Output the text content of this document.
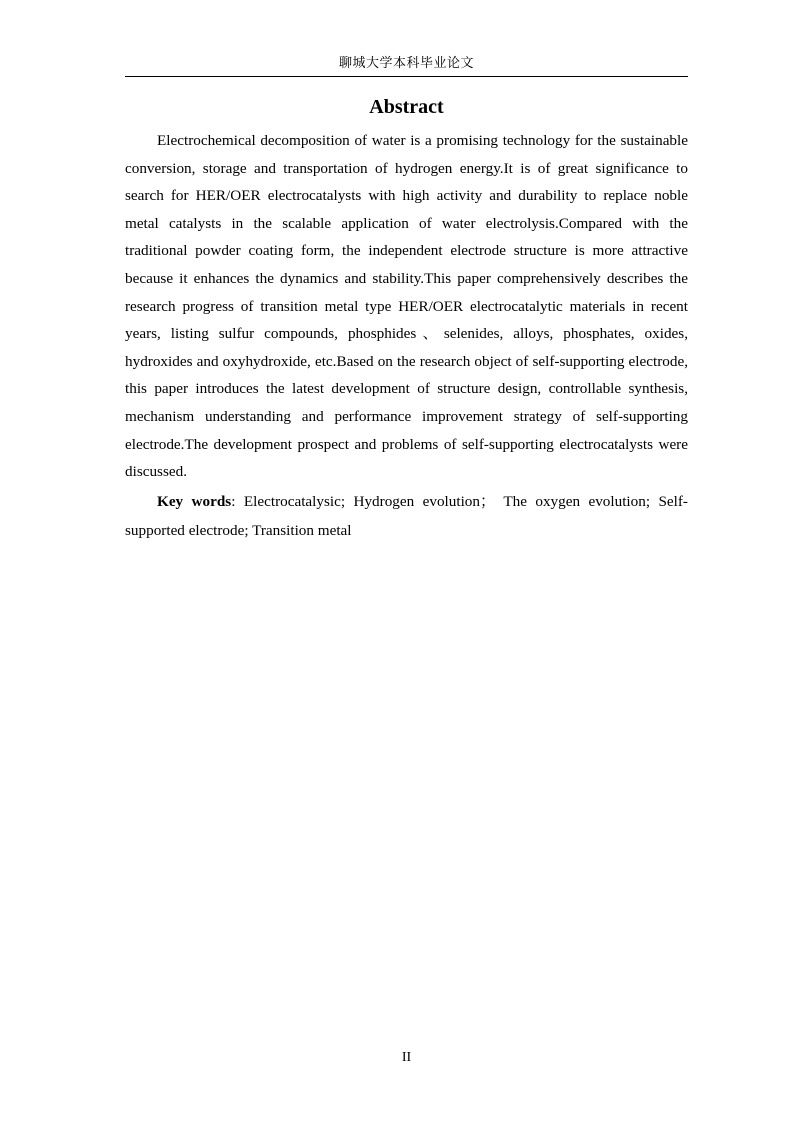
聊城大学本科毕业论文
Abstract

Electrochemical decomposition of water is a promising technology for the sustainable conversion, storage and transportation of hydrogen energy.It is of great significance to search for HER/OER electrocatalysts with high activity and durability to replace noble metal catalysts in the scalable application of water electrolysis.Compared with the traditional powder coating form, the independent electrode structure is more attractive because it enhances the dynamics and stability.This paper comprehensively describes the research progress of transition metal type HER/OER electrocatalytic materials in recent years, listing sulfur compounds, phosphides、selenides, alloys, phosphates, oxides, hydroxides and oxyhydroxide, etc.Based on the research object of self-supporting electrode, this paper introduces the latest development of structure design, controllable synthesis, mechanism understanding and performance improvement strategy of self-supporting electrode.The development prospect and problems of self-supporting electrocatalysts were discussed.

Key words: Electrocatalysic; Hydrogen evolution； The oxygen evolution; Self-supported electrode; Transition metal

II
